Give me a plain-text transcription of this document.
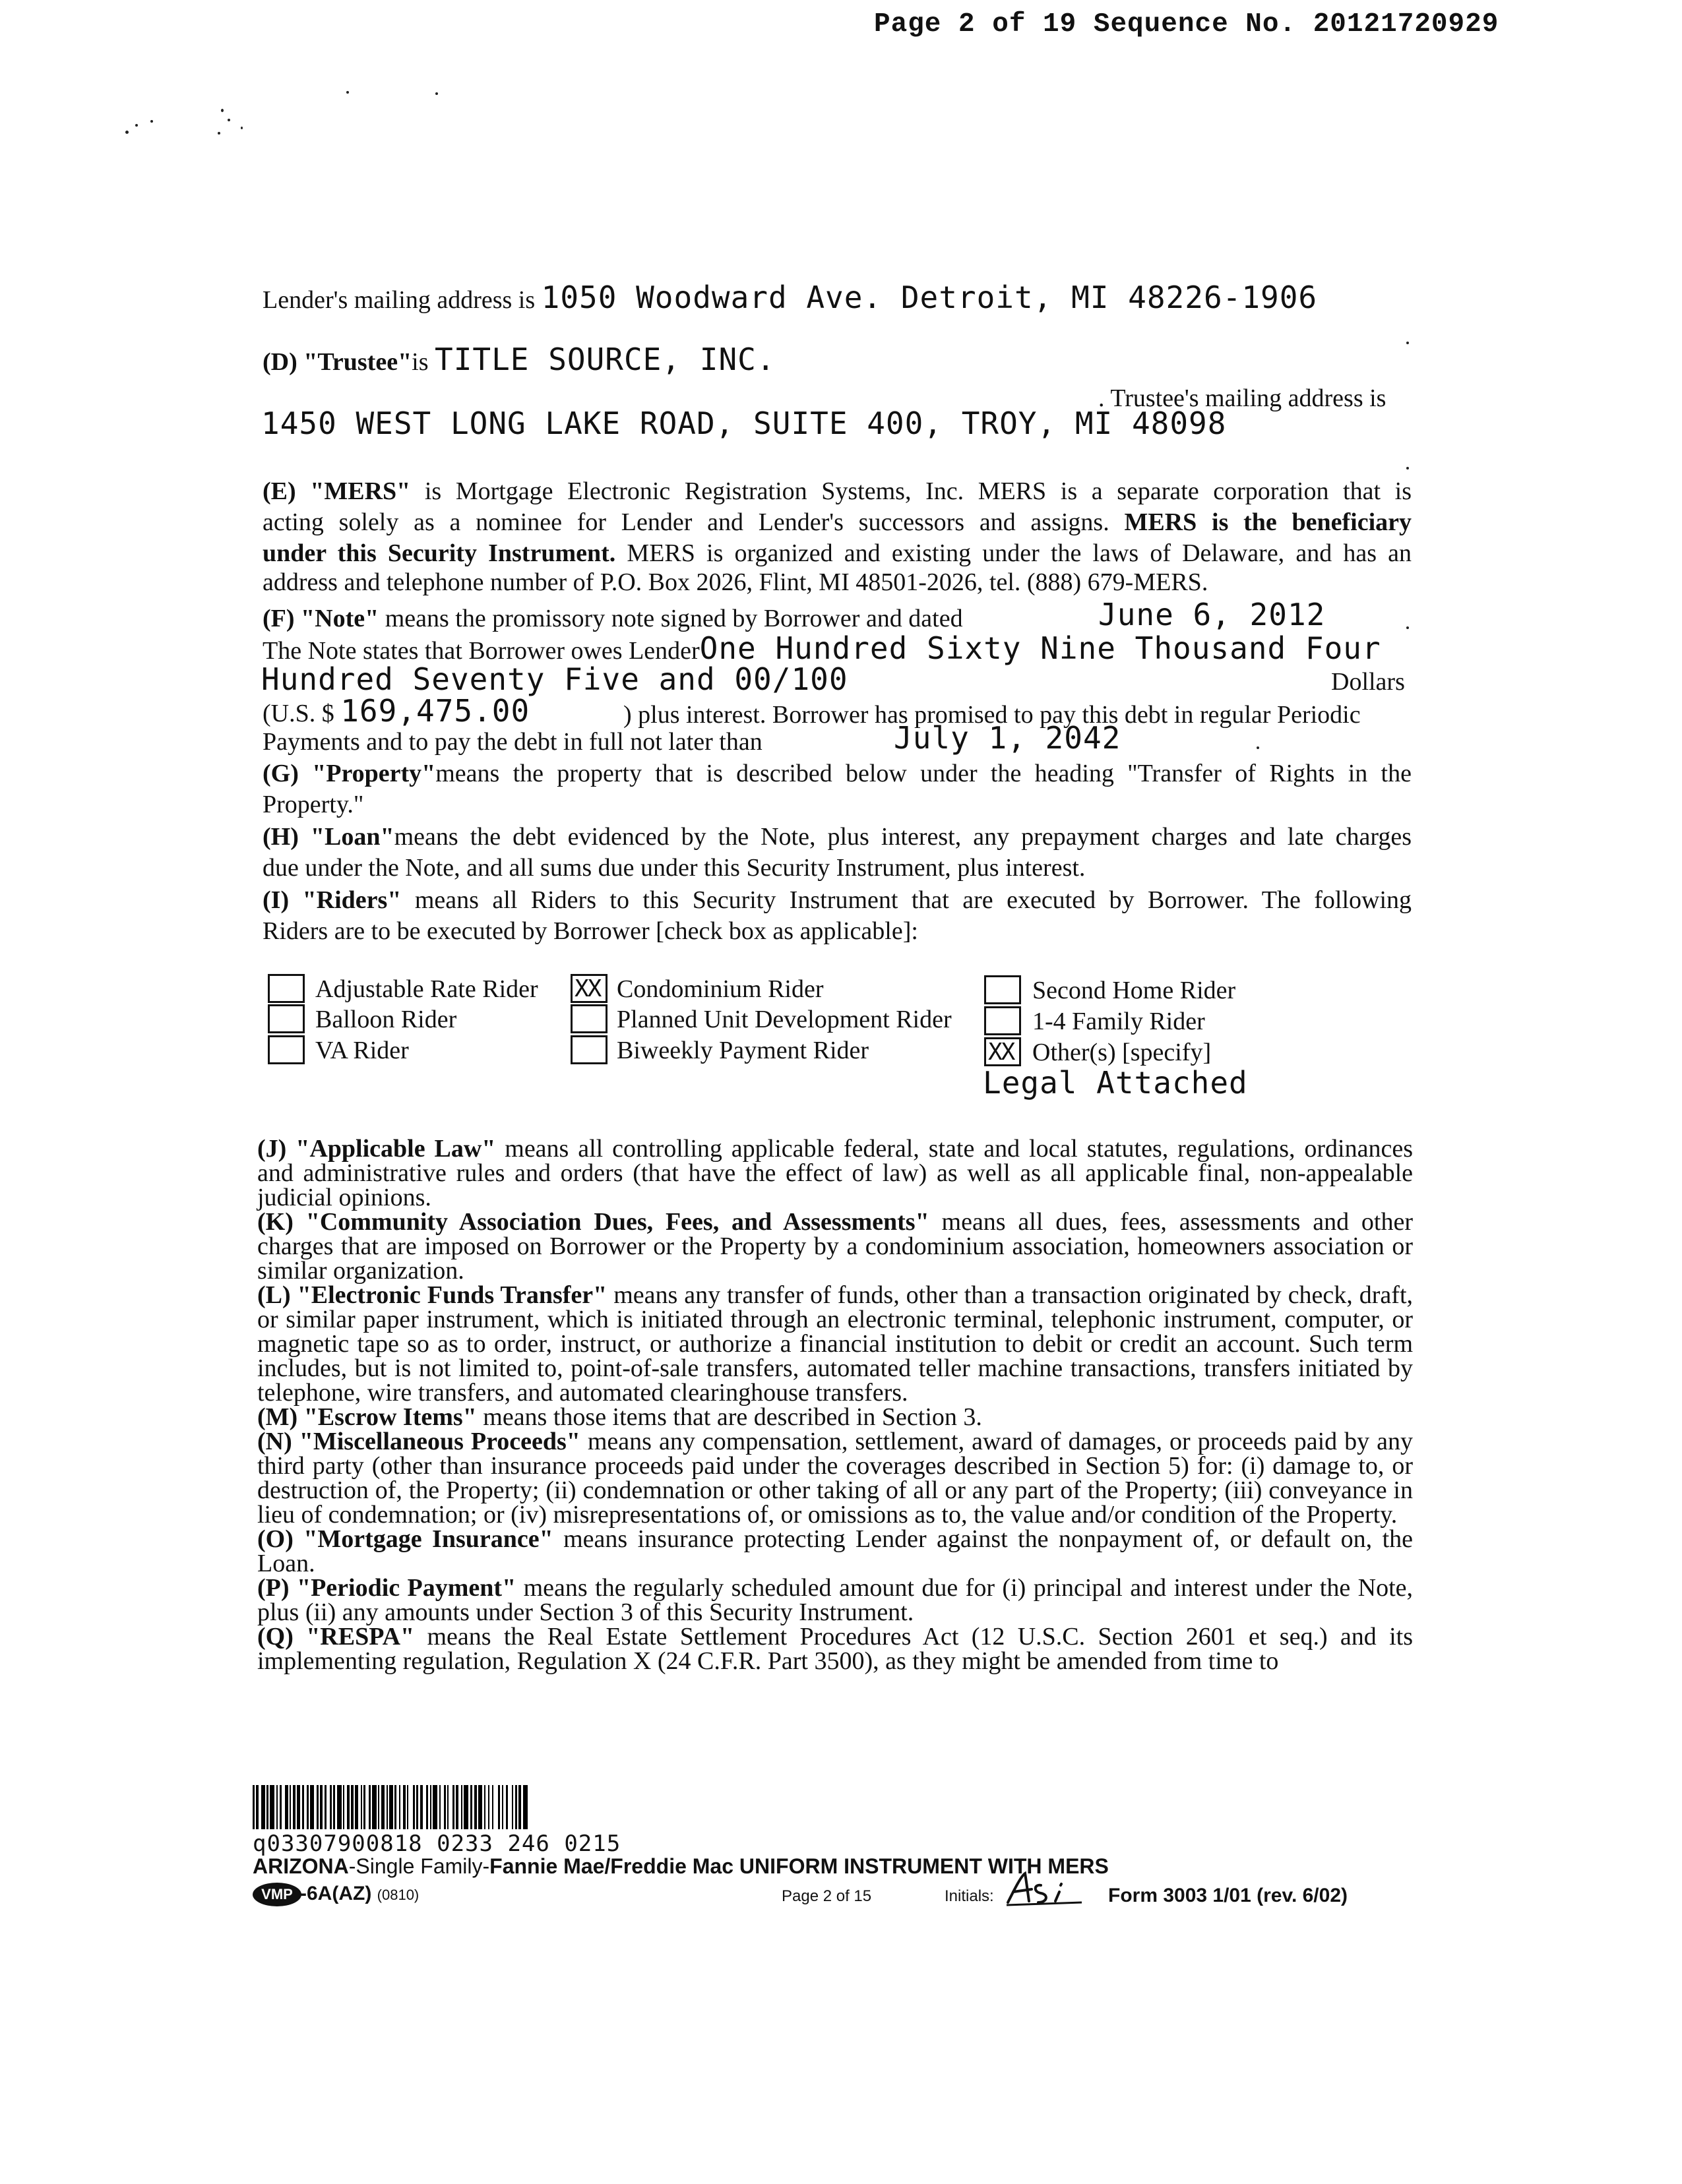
Page 2 of 19 Sequence No. 20121720929
Lender's mailing address is 1050 Woodward Ave. Detroit, MI 48226-1906
(D) "Trustee"is TITLE SOURCE, INC.
. Trustee's mailing address is
1450 WEST LONG LAKE ROAD, SUITE 400, TROY, MI 48098
(E) "MERS" is Mortgage Electronic Registration Systems, Inc. MERS is a separate corporation that is
acting solely as a nominee for Lender and Lender's successors and assigns. MERS is the beneficiary
under this Security Instrument. MERS is organized and existing under the laws of Delaware, and has an
address and telephone number of P.O. Box 2026, Flint, MI 48501-2026, tel. (888) 679-MERS.
(F) "Note" means the promissory note signed by Borrower and dated	June 6, 2012
The Note states that Borrower owes LenderOne Hundred Sixty Nine Thousand Four
Hundred Seventy Five and 00/100	Dollars
(U.S. $ 169,475.00	) plus interest. Borrower has promised to pay this debt in regular Periodic
Payments and to pay the debt in full not later than	July 1, 2042
(G) "Property"means the property that is described below under the heading "Transfer of Rights in the
Property."
(H) "Loan"means the debt evidenced by the Note, plus interest, any prepayment charges and late charges
due under the Note, and all sums due under this Security Instrument, plus interest.
(I) "Riders" means all Riders to this Security Instrument that are executed by Borrower. The following
Riders are to be executed by Borrower [check box as applicable]:
Adjustable Rate Rider
Balloon Rider
VA Rider
XX Condominium Rider
Planned Unit Development Rider
Biweekly Payment Rider
Second Home Rider
1-4 Family Rider
XX Other(s) [specify]
Legal Attached

(J) "Applicable Law" means all controlling applicable federal, state and local statutes, regulations, ordinances and administrative rules and orders (that have the effect of law) as well as all applicable final, non-appealable judicial opinions.

(K) "Community Association Dues, Fees, and Assessments" means all dues, fees, assessments and other charges that are imposed on Borrower or the Property by a condominium association, homeowners association or similar organization.

(L) "Electronic Funds Transfer" means any transfer of funds, other than a transaction originated by check, draft, or similar paper instrument, which is initiated through an electronic terminal, telephonic instrument, computer, or magnetic tape so as to order, instruct, or authorize a financial institution to debit or credit an account. Such term includes, but is not limited to, point-of-sale transfers, automated teller machine transactions, transfers initiated by telephone, wire transfers, and automated clearinghouse transfers.

(M) "Escrow Items" means those items that are described in Section 3.

(N) "Miscellaneous Proceeds" means any compensation, settlement, award of damages, or proceeds paid by any third party (other than insurance proceeds paid under the coverages described in Section 5) for: (i) damage to, or destruction of, the Property; (ii) condemnation or other taking of all or any part of the Property; (iii) conveyance in lieu of condemnation; or (iv) misrepresentations of, or omissions as to, the value and/or condition of the Property.

(O) "Mortgage Insurance" means insurance protecting Lender against the nonpayment of, or default on, the Loan.

(P) "Periodic Payment" means the regularly scheduled amount due for (i) principal and interest under the Note, plus (ii) any amounts under Section 3 of this Security Instrument.

(Q) "RESPA" means the Real Estate Settlement Procedures Act (12 U.S.C. Section 2601 et seq.) and its implementing regulation, Regulation X (24 C.F.R. Part 3500), as they might be amended from time to

q03307900818 0233 246 0215
ARIZONA-Single Family-Fannie Mae/Freddie Mac UNIFORM INSTRUMENT WITH MERS
VMP -6A(AZ) (0810)	Page 2 of 15	Initials:	Form 3003 1/01 (rev. 6/02)
